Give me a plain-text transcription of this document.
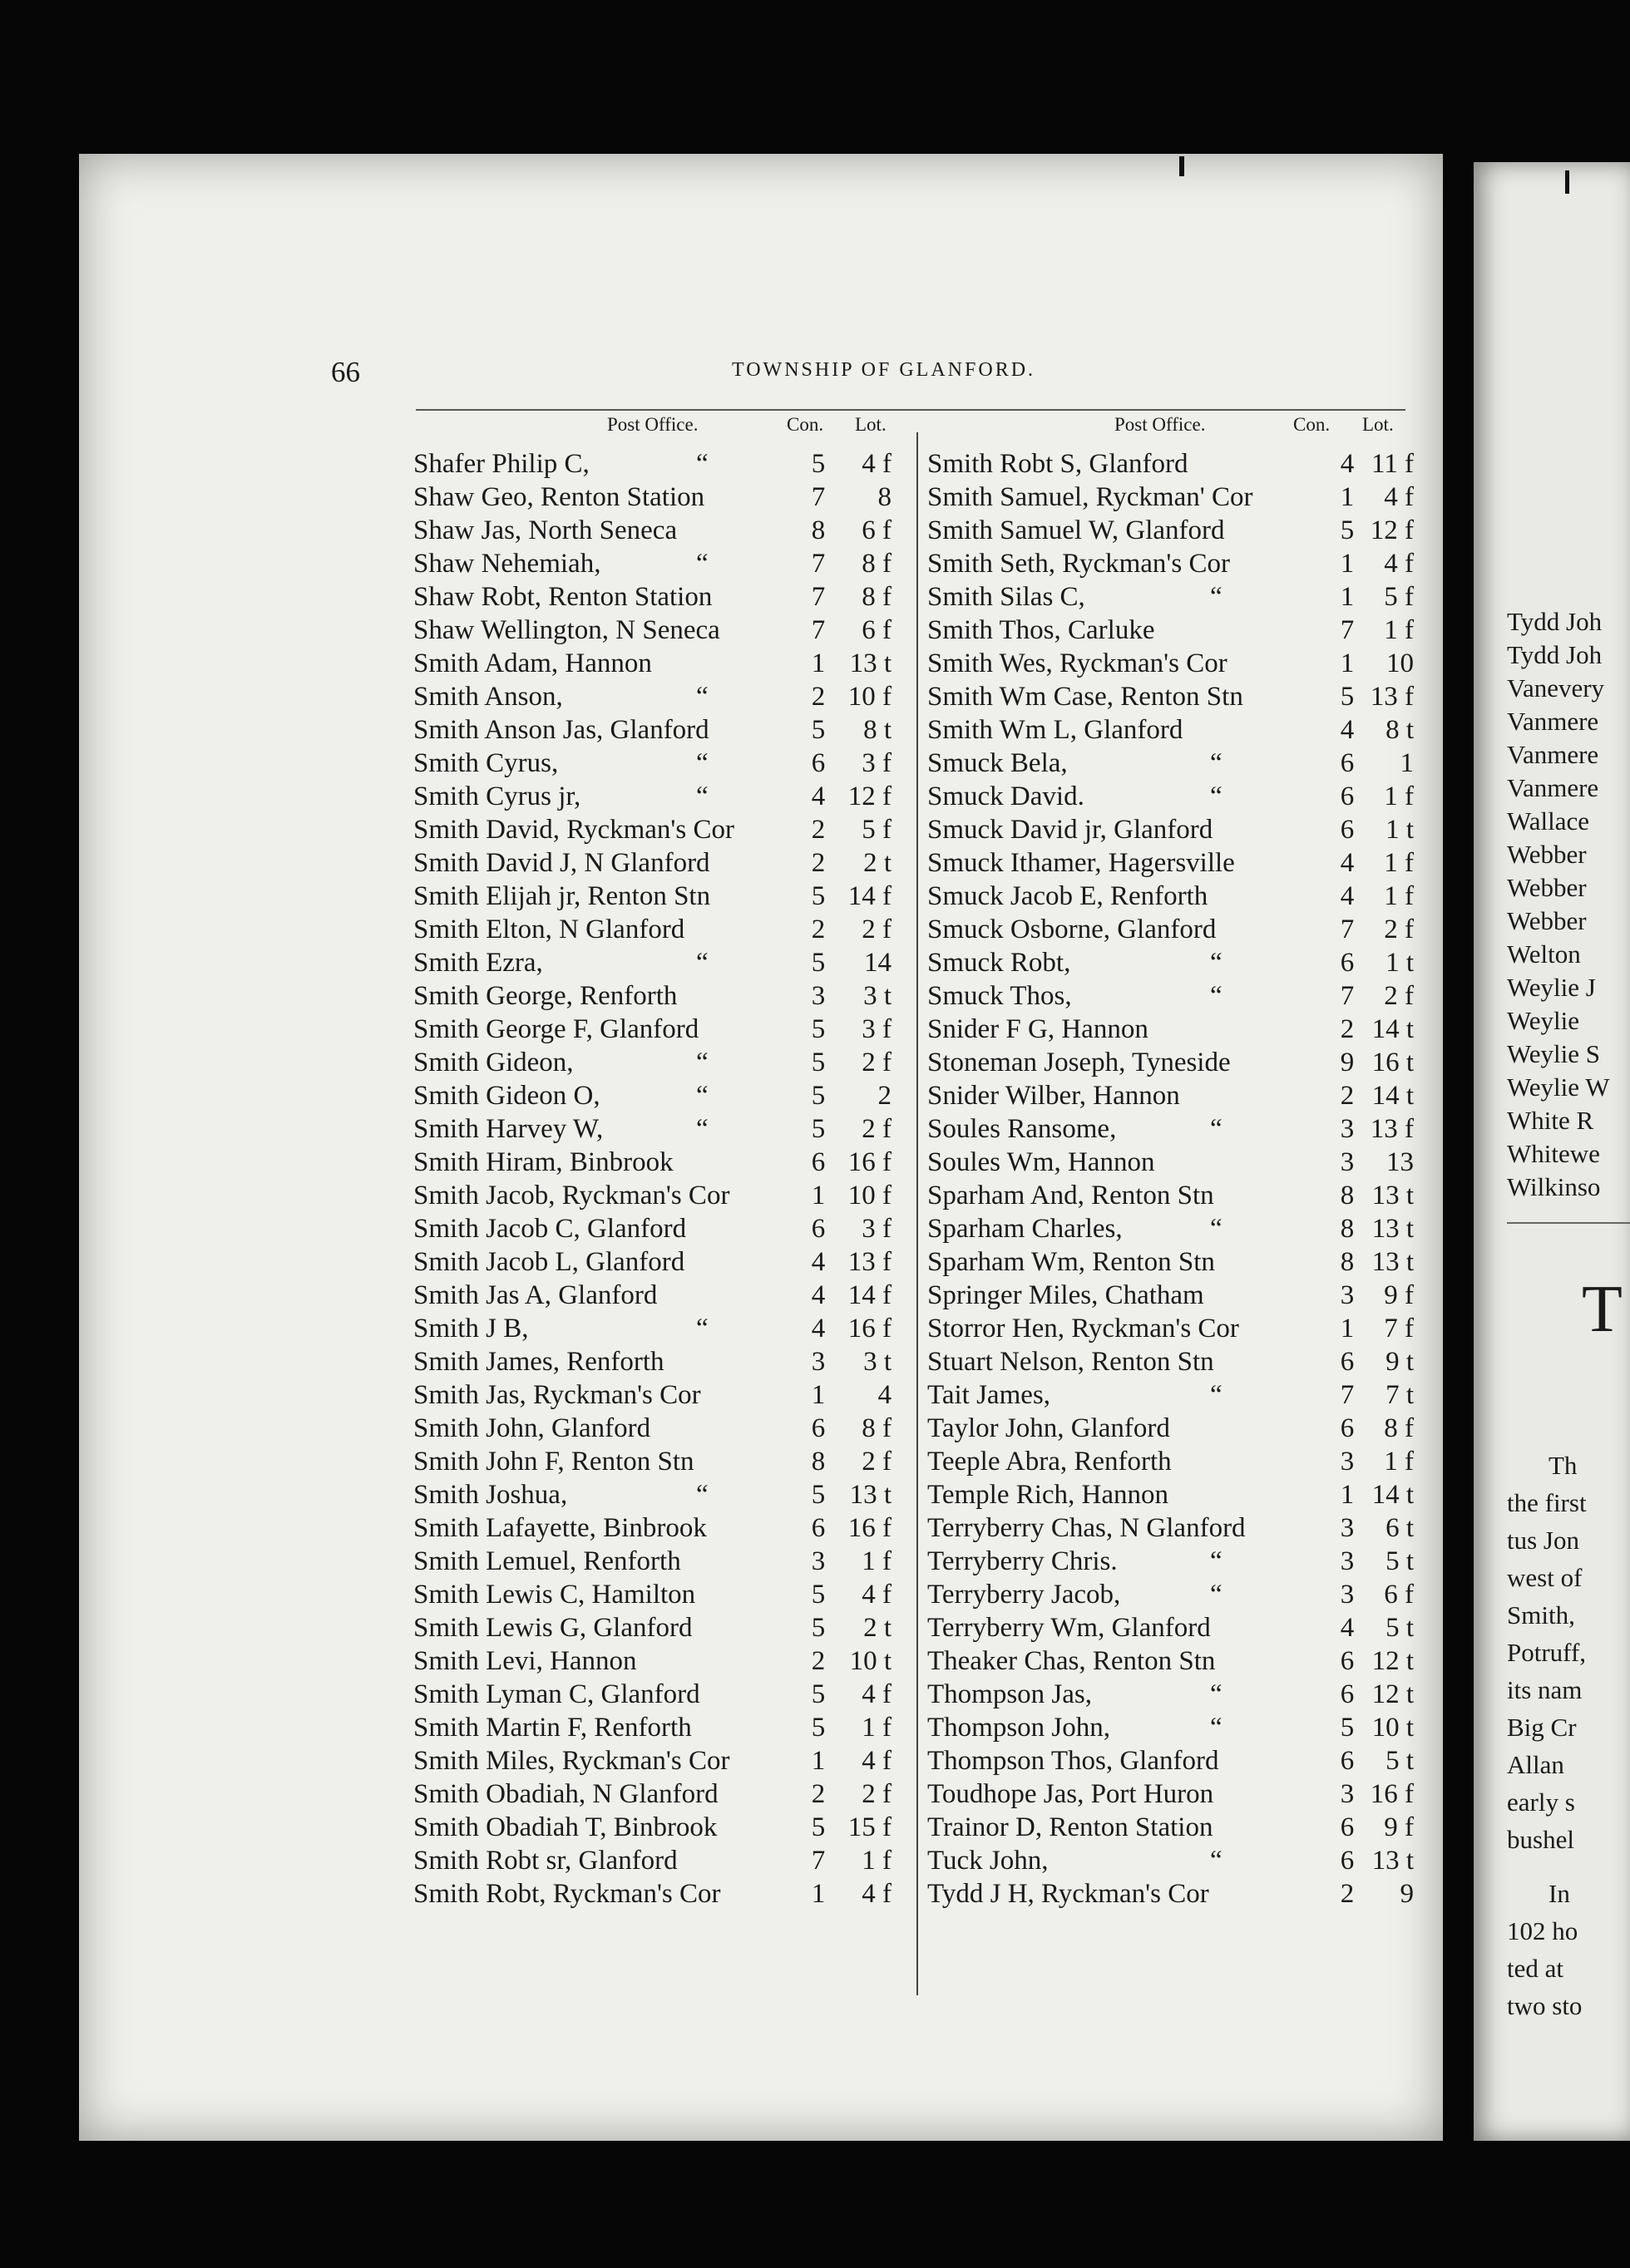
66	TOWNSHIP OF GLANFORD.
Post Office.	Con. Lot.	Post Office.	Con. Lot.
Shafer Philip C,	“	5	4 f
Shaw Geo, Renton Station	7	8
Shaw Jas, North Seneca	8	6 f
Shaw Nehemiah,	“	7	8 f
Shaw Robt, Renton Station	7	8 f
Shaw Wellington, N Seneca	7	6 f
Smith Adam, Hannon	1 13 t
Smith Anson,	“	2 10 f
Smith Anson Jas, Glanford	5	8 t
Smith Cyrus,	“	6	3 f
Smith Cyrus jr,	“	4 12 f
Smith David, Ryckman's Cor	2	5 f
Smith David J, N Glanford	2	2 t
Smith Elijah jr, Renton Stn	5 14 f
Smith Elton, N Glanford	2	2 f
Smith Ezra,	“	5	14
Smith George, Renforth	3	3 t
Smith George F, Glanford	5	3 f
Smith Gideon,	“	5	2 f
Smith Gideon O,	“	5	2
Smith Harvey W,	“	5	2 f
Smith Hiram, Binbrook	6 16 f
Smith Jacob, Ryckman's Cor	1 10 f
Smith Jacob C, Glanford	6	3 f
Smith Jacob L, Glanford	4 13 f
Smith Jas A, Glanford	4 14 f
Smith J B,	“	4 16 f
Smith James, Renforth	3	3 t
Smith Jas, Ryckman's Cor	1	4
Smith John, Glanford	6	8 f
Smith John F, Renton Stn	8	2 f
Smith Joshua,	“	5 13 t
Smith Lafayette, Binbrook	6 16 f
Smith Lemuel, Renforth	3	1 f
Smith Lewis C, Hamilton	5	4 f
Smith Lewis G, Glanford	5	2 t
Smith Levi, Hannon	2 10 t
Smith Lyman C, Glanford	5	4 f
Smith Martin F, Renforth	5	1 f
Smith Miles, Ryckman's Cor	1	4 f
Smith Obadiah, N Glanford	2	2 f
Smith Obadiah T, Binbrook	5 15 f
Smith Robt sr, Glanford	7	1 f
Smith Robt, Ryckman's Cor	1	4 f
Smith Robt S, Glanford	4 11 f
Smith Samuel, Ryckman' Cor	1	4 f
Smith Samuel W, Glanford	5 12 f
Smith Seth, Ryckman's Cor	1	4 f
Smith Silas C,	“	1	5 f
Smith Thos, Carluke	7	1 f
Smith Wes, Ryckman's Cor	1	10
Smith Wm Case, Renton Stn	5 13 f
Smith Wm L, Glanford	4	8 t
Smuck Bela,	“	6	1
Smuck David.	“	6	1 f
Smuck David jr, Glanford	6	1 t
Smuck Ithamer, Hagersville	4	1 f
Smuck Jacob E, Renforth	4	1 f
Smuck Osborne, Glanford	7	2 f
Smuck Robt,	“	6	1 t
Smuck Thos,	“	7	2 f
Snider F G, Hannon	2 14 t
Stoneman Joseph, Tyneside	9 16 t
Snider Wilber, Hannon	2 14 t
Soules Ransome,	“	3 13 f
Soules Wm, Hannon	3	13
Sparham And, Renton Stn	8 13 t
Sparham Charles,	“	8 13 t
Sparham Wm, Renton Stn	8 13 t
Springer Miles, Chatham	3	9 f
Storror Hen, Ryckman's Cor	1	7 f
Stuart Nelson, Renton Stn	6	9 t
Tait James,	“	7	7 t
Taylor John, Glanford	6	8 f
Teeple Abra, Renforth	3	1 f
Temple Rich, Hannon	1 14 t
Terryberry Chas, N Glanford	3	6 t
Terryberry Chris.	“	3	5 t
Terryberry Jacob,	“	3	6 f
Terryberry Wm, Glanford	4	5 t
Theaker Chas, Renton Stn	6 12 t
Thompson Jas,	“	6 12 t
Thompson John,	“	5 10 t
Thompson Thos, Glanford	6	5 t
Toudhope Jas, Port Huron	3 16 f
Trainor D, Renton Station	6	9 f
Tuck John,	“	6 13 t
Tydd J H, Ryckman's Cor	2	9
Tydd Joh
Tydd Joh
Vanevery
Vanmere
Vanmere
Vanmere
Wallace
Webber
Webber
Webber
Welton
Weylie J
Weylie
Weylie S
Weylie W
White R
Whitewe
Wilkinso
T
Th
the first
tus Jon
west of
Smith,
Potruff,
its nam
Big Cr
Allan
early s
bushel
In
102 ho
ted at
two sto
